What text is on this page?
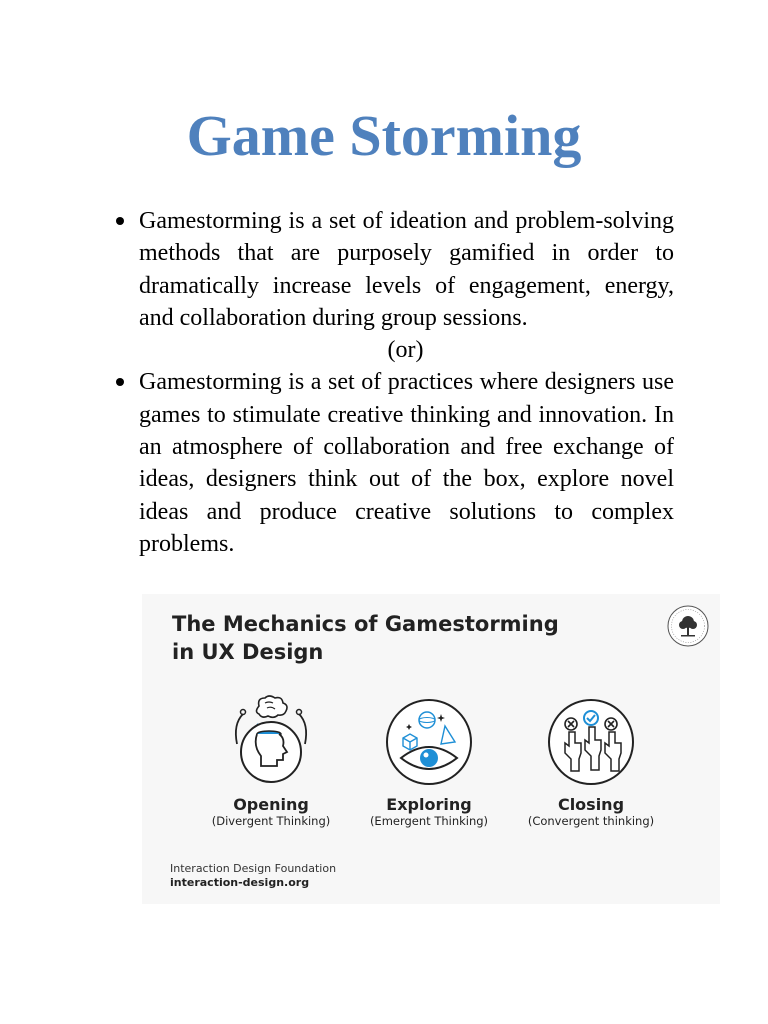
Game Storming

Gamestorming is a set of ideation and problem-solving methods that are purposely gamified in order to dramatically increase levels of engagement, energy, and collaboration during group sessions.

(or)

Gamestorming is a set of practices where designers use games to stimulate creative thinking and innovation. In an atmosphere of collaboration and free exchange of ideas, designers think out of the box, explore novel ideas and produce creative solutions to complex problems.

The Mechanics of Gamestorming
in UX Design
Opening
(Divergent Thinking)
Exploring
(Emergent Thinking)
Closing
(Convergent thinking)
Interaction Design Foundation
interaction-design.org
